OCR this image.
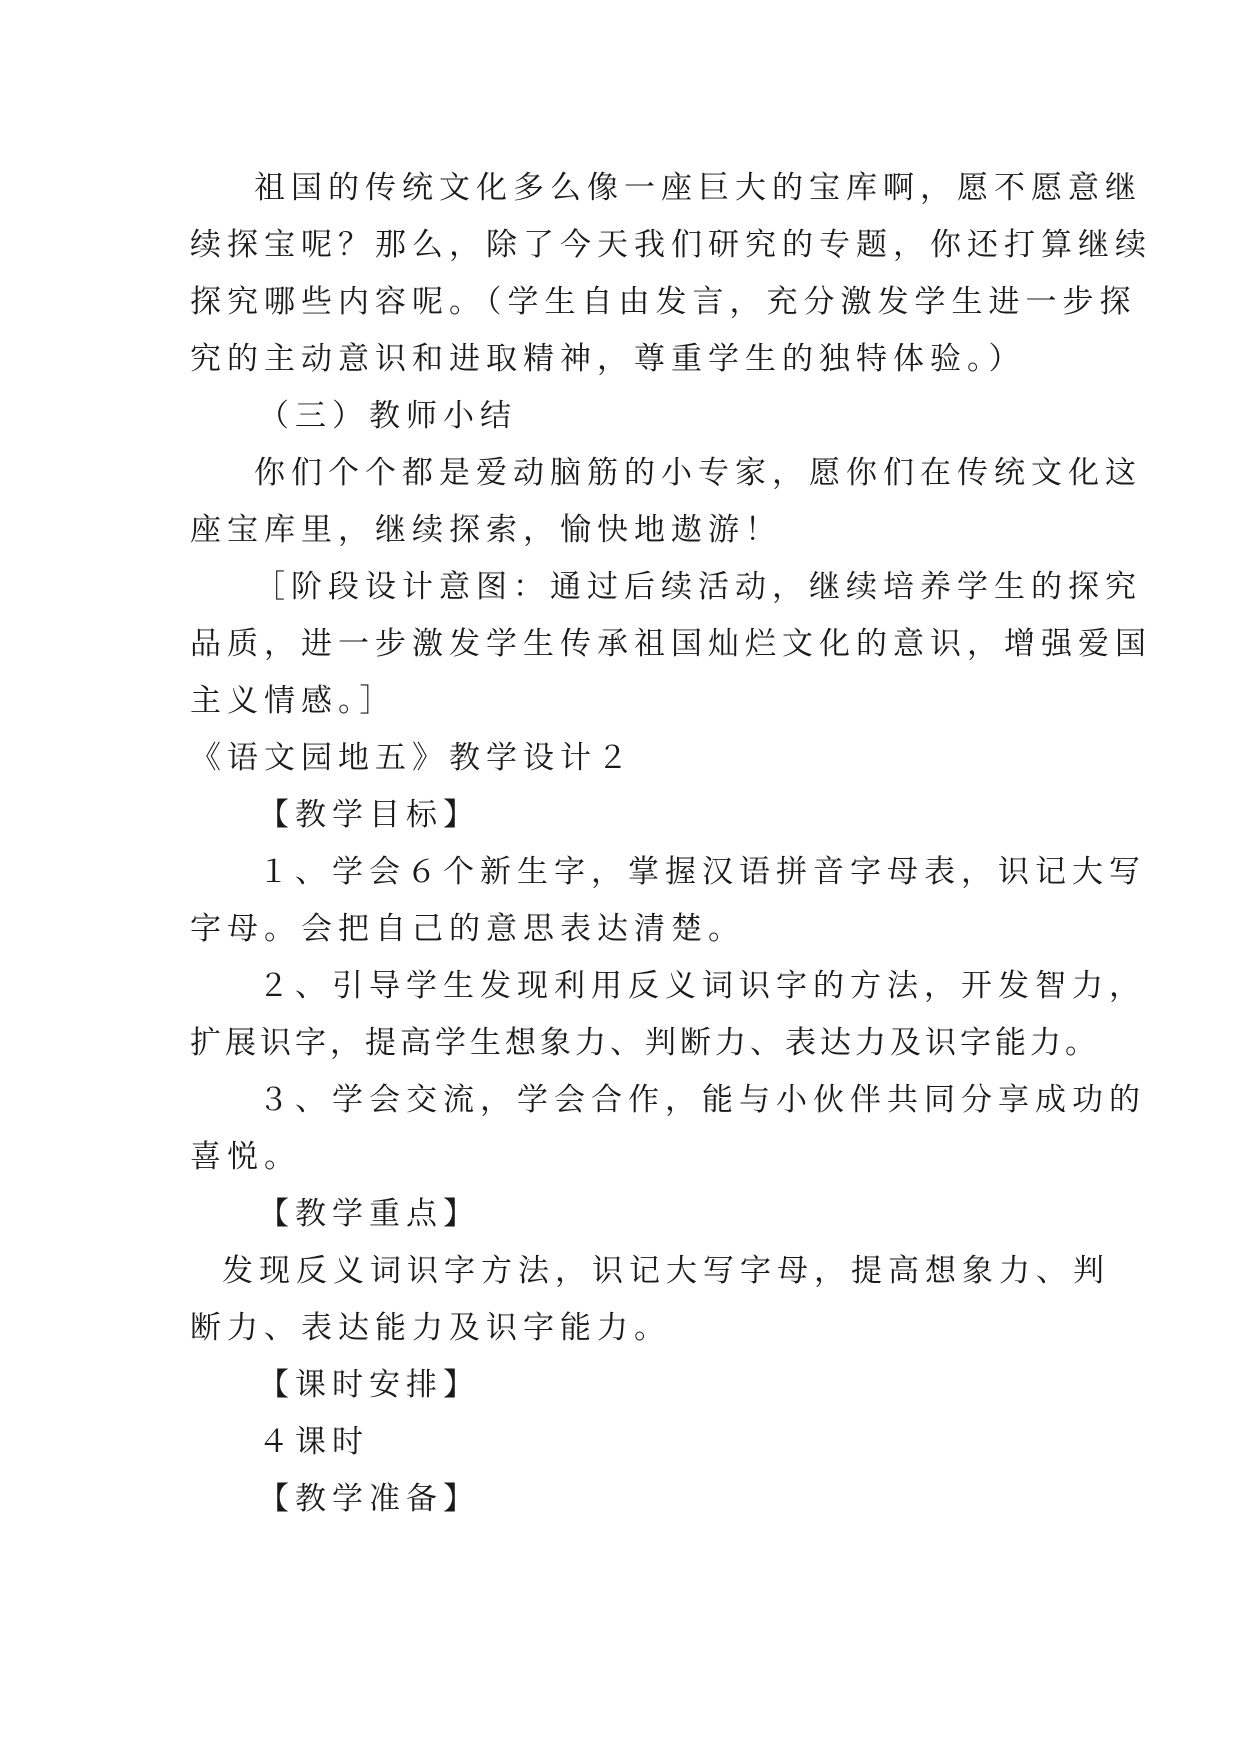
祖国的传统文化多么像一座巨大的宝库啊，愿不愿意继
续探宝呢？那么，除了今天我们研究的专题，你还打算继续
探究哪些内容呢。（学生自由发言，充分激发学生进一步探
究的主动意识和进取精神，尊重学生的独特体验。）
（三）教师小结
你们个个都是爱动脑筋的小专家，愿你们在传统文化这
座宝库里，继续探索，愉快地遨游！
［阶段设计意图：通过后续活动，继续培养学生的探究
品质，进一步激发学生传承祖国灿烂文化的意识，增强爱国
主义情感。］
《语文园地五》教学设计２
【教学目标】
１、学会６个新生字，掌握汉语拼音字母表，识记大写
字母。会把自己的意思表达清楚。
２、引导学生发现利用反义词识字的方法，开发智力，
扩展识字，提高学生想象力、判断力、表达力及识字能力。
３、学会交流，学会合作，能与小伙伴共同分享成功的
喜悦。
【教学重点】
发现反义词识字方法，识记大写字母，提高想象力、判
断力、表达能力及识字能力。
【课时安排】
４课时
【教学准备】
